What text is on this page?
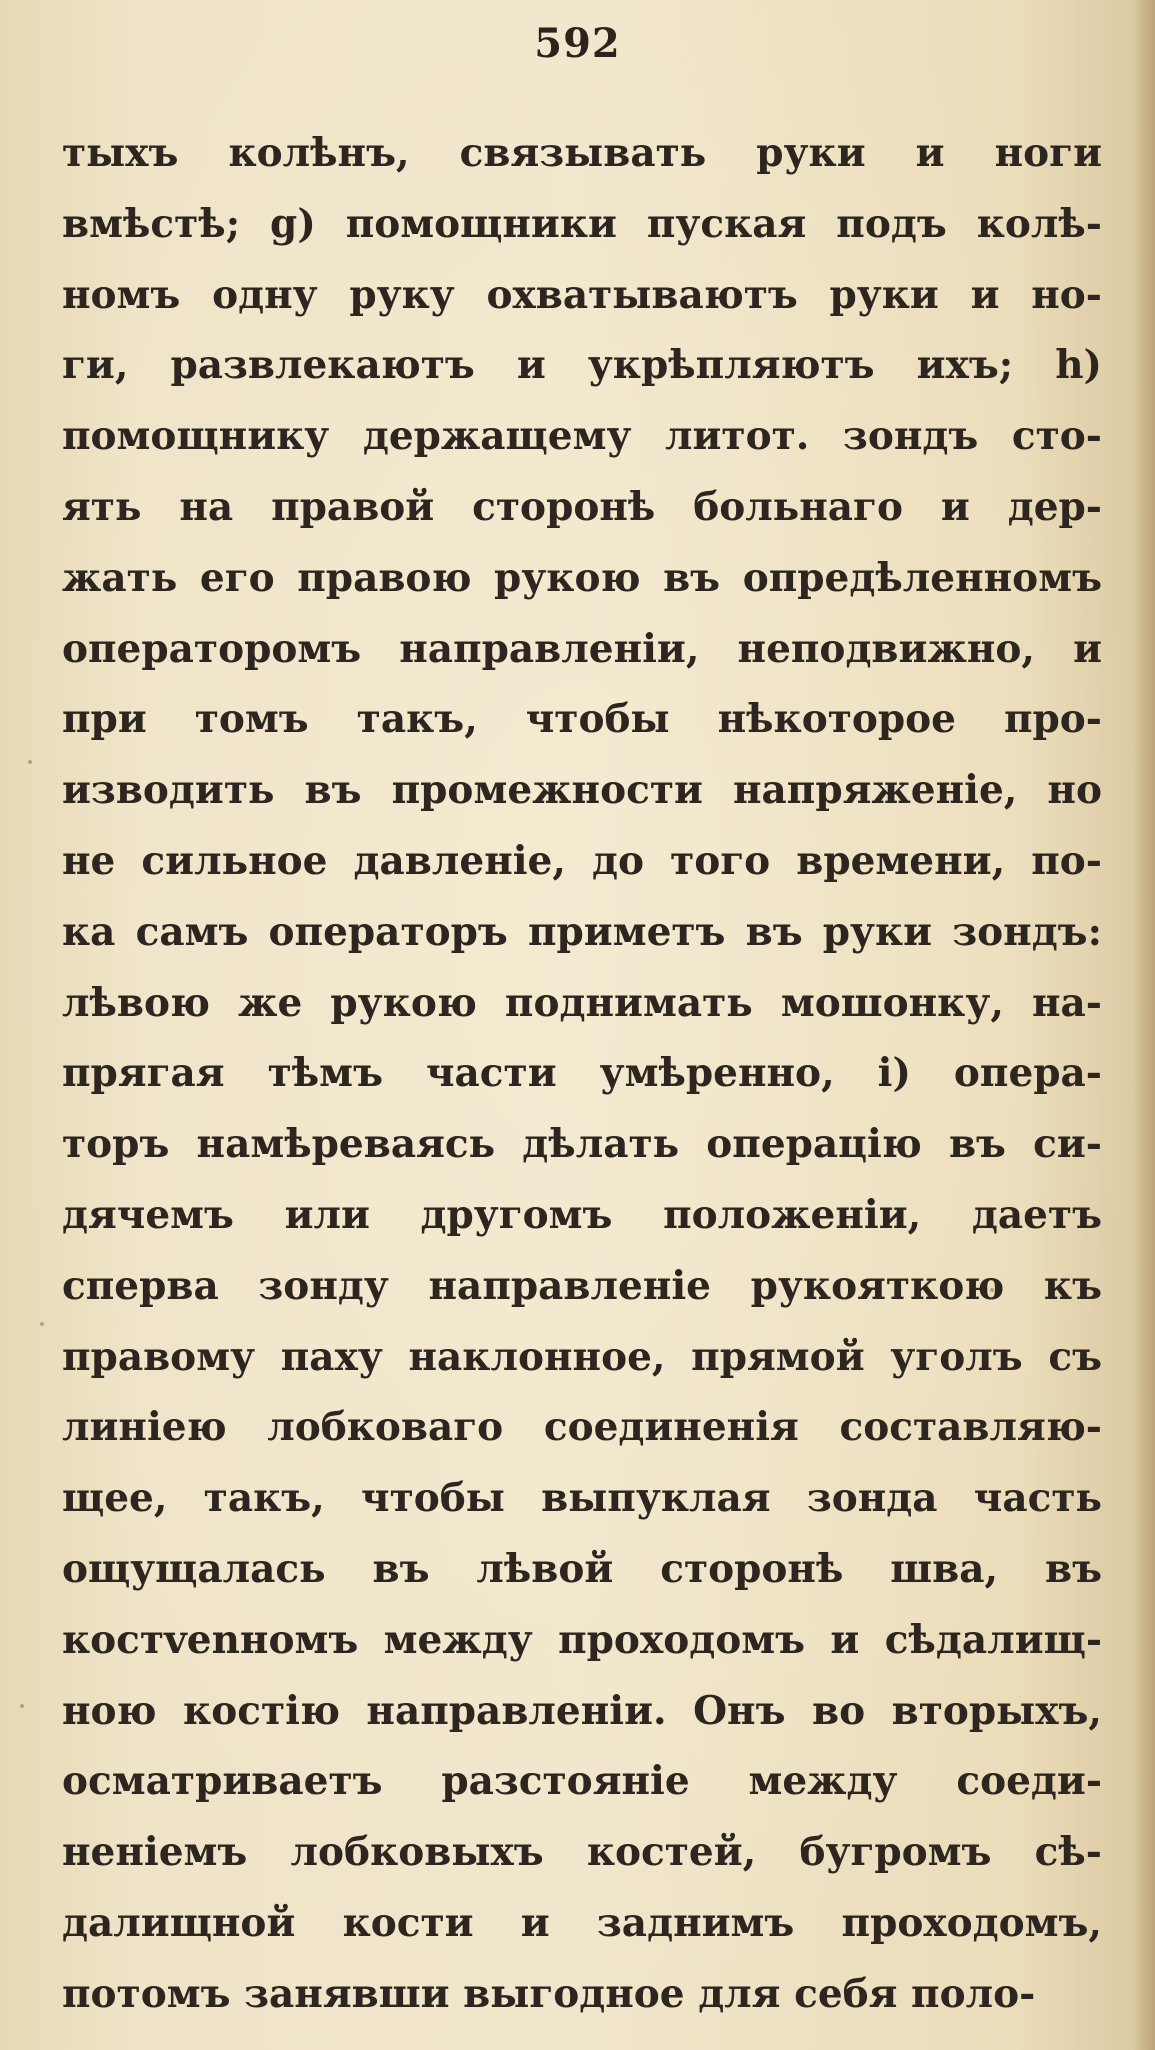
592
тыхъ колѣнъ, связывать руки и ноги
вмѣстѣ; g) помощники пуская подъ колѣ-
номъ одну руку охватываютъ руки и но-
ги, развлекаютъ и укрѣпляютъ ихъ; h)
помощнику держащему литот. зондъ сто-
ять на правой сторонѣ больнаго и дер-
жать его правою рукою въ опредѣленномъ
операторомъ направленіи, неподвижно, и
при томъ такъ, чтобы нѣкоторое про-
изводить въ промежности напряженіе, но
не сильное давленіе, до того времени, по-
ка самъ операторъ приметъ въ руки зондъ:
лѣвою же рукою поднимать мошонку, на-
прягая тѣмъ части умѣренно, i) опера-
торъ намѣреваясь дѣлать операцію въ си-
дячемъ или другомъ положеніи, даетъ
сперва зонду направленіе рукояткою къ
правому паху наклонное, прямой уголъ съ
линіею лобковаго соединенія составляю-
щее, такъ, чтобы выпуклая зонда часть
ощущалась въ лѣвой сторонѣ шва, въ
костvenномъ между проходомъ и сѣдалищ-
ною костію направленіи. Онъ во вторыхъ,
осматриваетъ разстояніе между соеди-
неніемъ лобковыхъ костей, бугромъ сѣ-
далищной кости и заднимъ проходомъ,
потомъ занявши выгодное для себя поло-
